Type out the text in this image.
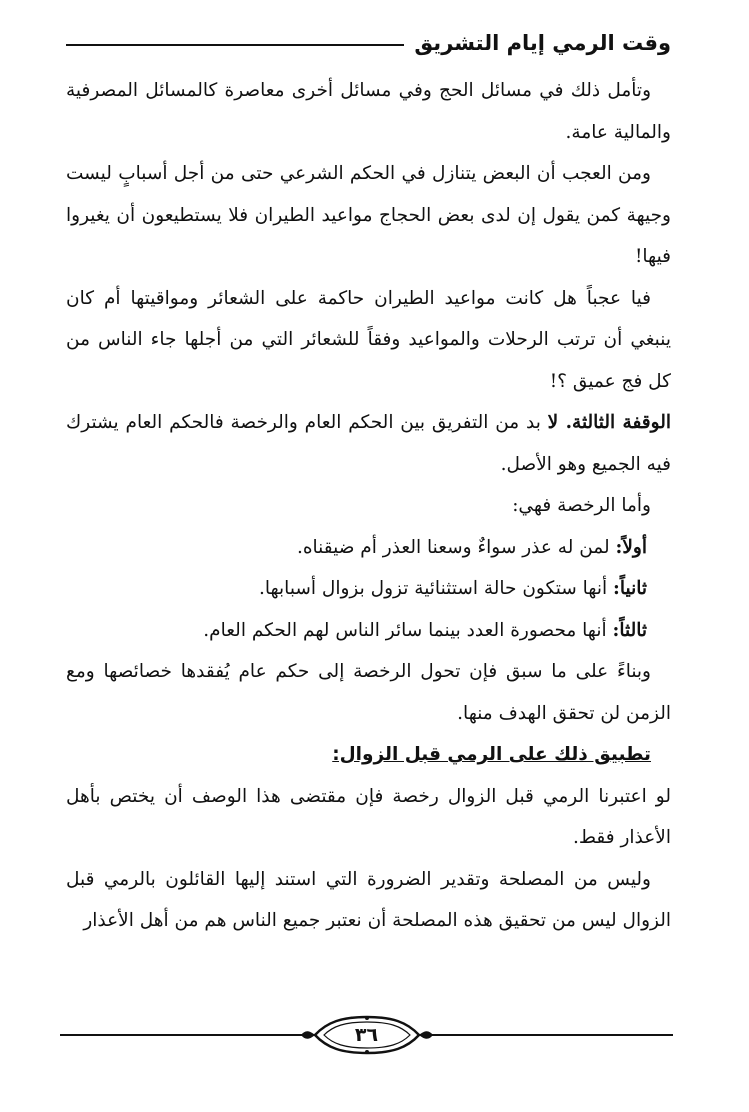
وقت الرمي إيام التشريق

وتأمل ذلك في مسائل الحج وفي مسائل أخرى معاصرة كالمسائل المصرفية والمالية عامة.

ومن العجب أن البعض يتنازل في الحكم الشرعي حتى من أجل أسبابٍ ليست وجيهة كمن يقول إن لدى بعض الحجاج مواعيد الطيران فلا يستطيعون أن يغيروا فيها!

فيا عجباً هل كانت مواعيد الطيران حاكمة على الشعائر ومواقيتها أم كان ينبغي أن ترتب الرحلات والمواعيد وفقاً للشعائر التي من أجلها جاء الناس من كل فج عميق ؟!

الوقفة الثالثة. لا بد من التفريق بين الحكم العام والرخصة فالحكم العام يشترك فيه الجميع وهو الأصل.

وأما الرخصة فهي:

أولاً: لمن له عذر سواءٌ وسعنا العذر أم ضيقناه.

ثانياً: أنها ستكون حالة استثنائية تزول بزوال أسبابها.

ثالثاً: أنها محصورة العدد بينما سائر الناس لهم الحكم العام.

وبناءً على ما سبق فإن تحول الرخصة إلى حكم عام يُفقدها خصائصها ومع الزمن لن تحقق الهدف منها.

تطبيق ذلك على الرمي قبل الزوال:

لو اعتبرنا الرمي قبل الزوال رخصة فإن مقتضى هذا الوصف أن يختص بأهل الأعذار فقط.

وليس من المصلحة وتقدير الضرورة التي استند إليها القائلون بالرمي قبل الزوال ليس من تحقيق هذه المصلحة أن نعتبر جميع الناس هم من أهل الأعذار

٣٦
